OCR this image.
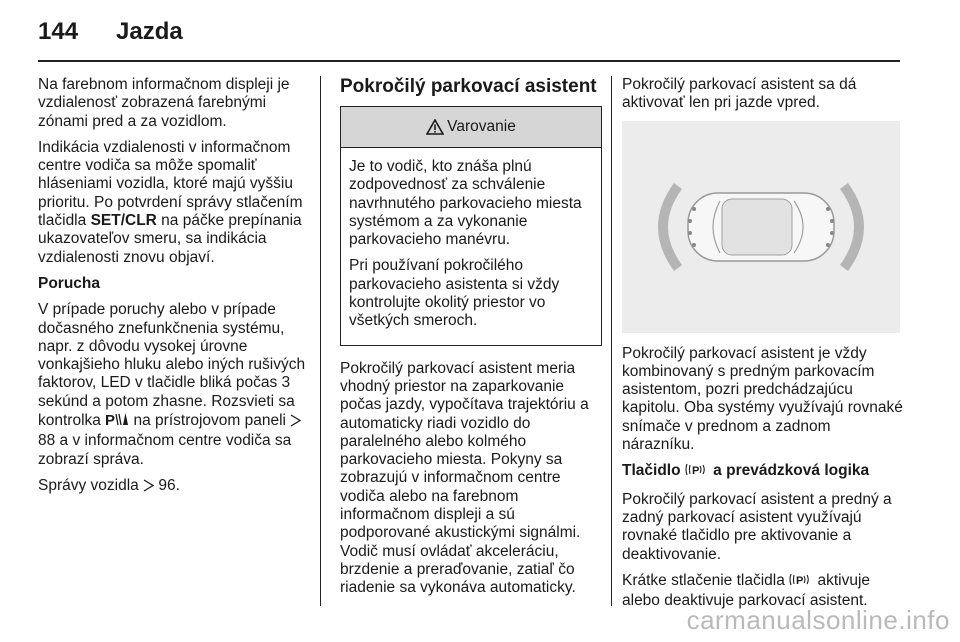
144 Jazda

Na farebnom informačnom displeji je vzdialenosť zobrazená farebnými zónami pred a za vozidlom.

Indikácia vzdialenosti v informačnom centre vodiča sa môže spomaliť hláseniami vozidla, ktoré majú vyššiu prioritu. Po potvrdení správy stlačením tlačidla SET/CLR na páčke prepínania ukazovateľov smeru, sa indikácia vzdialenosti znovu objaví.

Porucha

V prípade poruchy alebo v prípade dočasného znefunkčnenia systému, napr. z dôvodu vysokej úrovne vonkajšieho hluku alebo iných rušivých faktorov, LED v tlačidle bliká počas 3 sekúnd a potom zhasne. Rozsvieti sa kontrolka P na prístrojovom paneli  88 a v informačnom centre vodiča sa zobrazí správa.

Správy vozidla  96.

Pokročilý parkovací asistent

Varovanie

Je to vodič, kto znáša plnú zodpovednosť za schválenie navrhnutého parkovacieho miesta systémom a za vykonanie parkovacieho manévru.

Pri používaní pokročilého parkovacieho asistenta si vždy kontrolujte okolitý priestor vo všetkých smeroch.

Pokročilý parkovací asistent meria vhodný priestor na zaparkovanie počas jazdy, vypočítava trajektóriu a automaticky riadi vozidlo do paralelného alebo kolmého parkovacieho miesta. Pokyny sa zobrazujú v informačnom centre vodiča alebo na farebnom informačnom displeji a sú podporované akustickými signálmi. Vodič musí ovládať akceleráciu, brzdenie a preraďovanie, zatiaľ čo riadenie sa vykonáva automaticky.

Pokročilý parkovací asistent sa dá aktivovať len pri jazde vpred.

Pokročilý parkovací asistent je vždy kombinovaný s predným parkovacím asistentom, pozri predchádzajúcu kapitolu. Oba systémy využívajú rovnaké snímače v prednom a zadnom nárazníku.

Tlačidlo P a prevádzková logika

Pokročilý parkovací asistent a predný a zadný parkovací asistent využívajú rovnaké tlačidlo pre aktivovanie a deaktivovanie.

Krátke stlačenie tlačidla P aktivuje alebo deaktivuje parkovací asistent.

carmanualsonline.info
